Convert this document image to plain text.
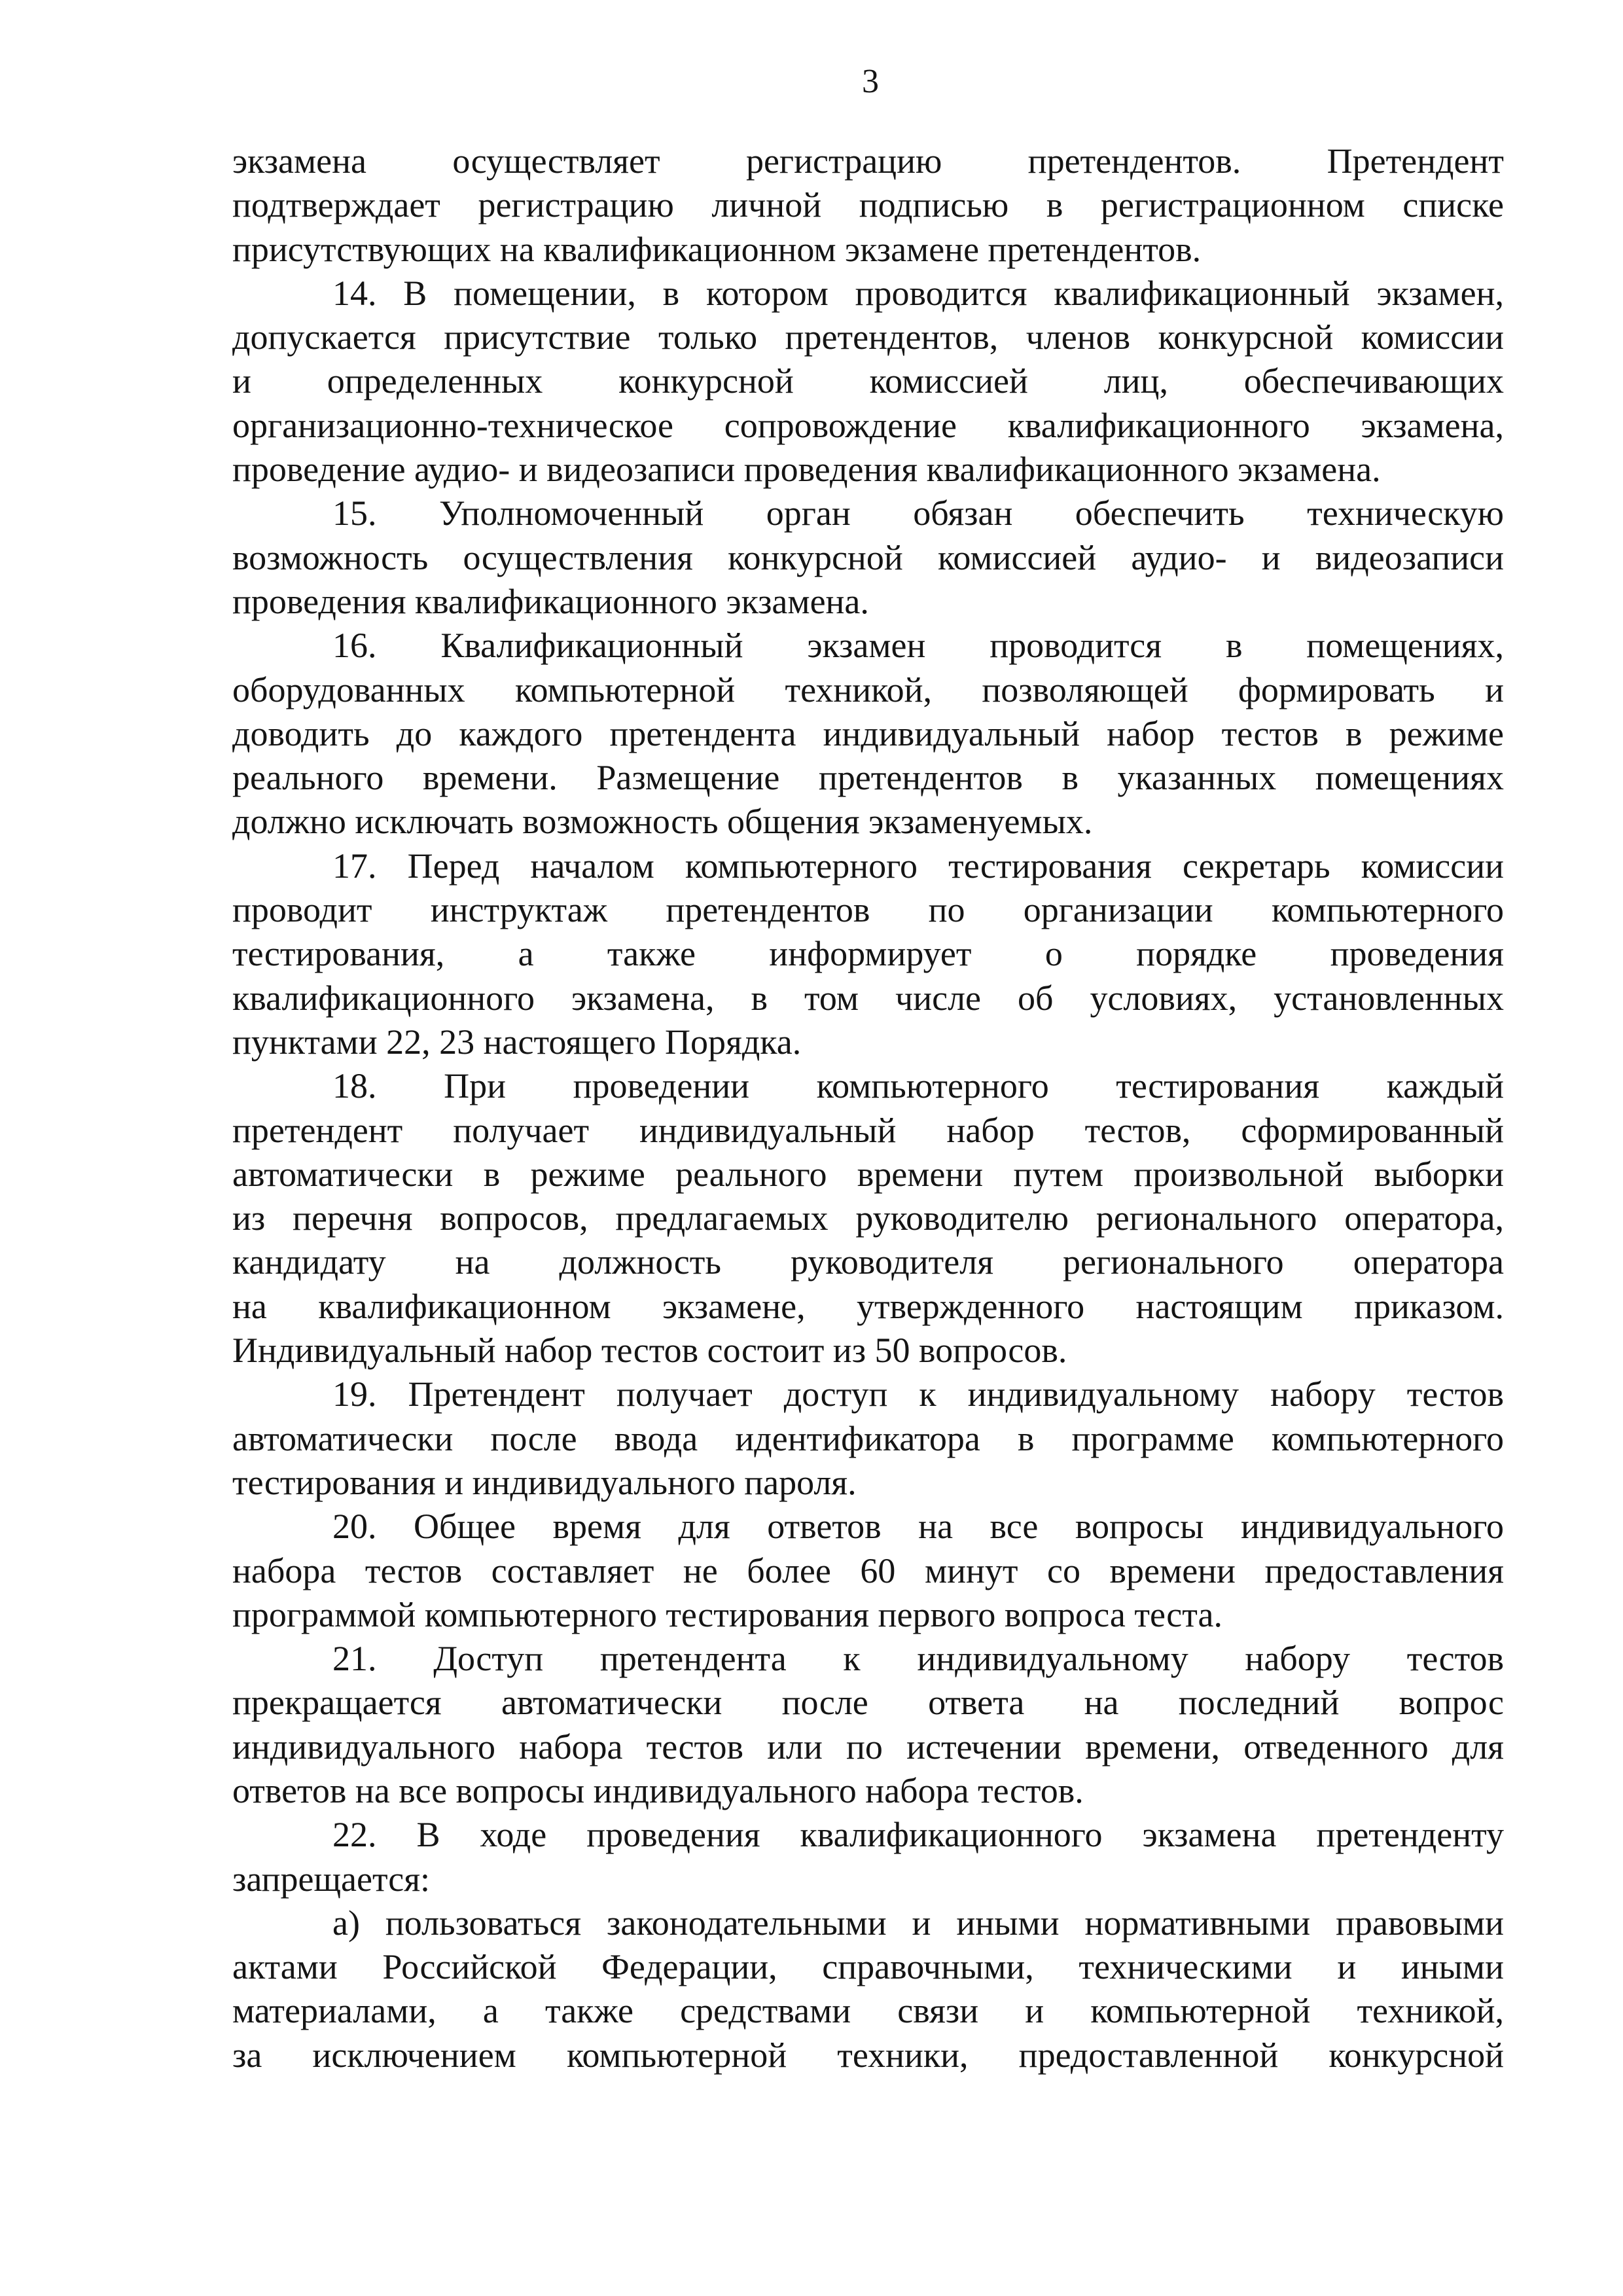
3

экзамена осуществляет регистрацию претендентов. Претендент

подтверждает регистрацию личной подписью в регистрационном списке

присутствующих на квалификационном экзамене претендентов.

14. В помещении, в котором проводится квалификационный экзамен,

допускается присутствие только претендентов, членов конкурсной комиссии

и определенных конкурсной комиссией лиц, обеспечивающих

организационно-техническое сопровождение квалификационного экзамена,

проведение аудио- и видеозаписи проведения квалификационного экзамена.

15. Уполномоченный орган обязан обеспечить техническую

возможность осуществления конкурсной комиссией аудио- и видеозаписи

проведения квалификационного экзамена.

16. Квалификационный экзамен проводится в помещениях,

оборудованных компьютерной техникой, позволяющей формировать и

доводить до каждого претендента индивидуальный набор тестов в режиме

реального времени. Размещение претендентов в указанных помещениях

должно исключать возможность общения экзаменуемых.

17. Перед началом компьютерного тестирования секретарь комиссии

проводит инструктаж претендентов по организации компьютерного

тестирования, а также информирует о порядке проведения

квалификационного экзамена, в том числе об условиях, установленных

пунктами 22, 23 настоящего Порядка.

18. При проведении компьютерного тестирования каждый

претендент получает индивидуальный набор тестов, сформированный

автоматически в режиме реального времени путем произвольной выборки

из перечня вопросов, предлагаемых руководителю регионального оператора,

кандидату на должность руководителя регионального оператора

на квалификационном экзамене, утвержденного настоящим приказом.

Индивидуальный набор тестов состоит из 50 вопросов.

19. Претендент получает доступ к индивидуальному набору тестов

автоматически после ввода идентификатора в программе компьютерного

тестирования и индивидуального пароля.

20. Общее время для ответов на все вопросы индивидуального

набора тестов составляет не более 60 минут со времени предоставления

программой компьютерного тестирования первого вопроса теста.

21. Доступ претендента к индивидуальному набору тестов

прекращается автоматически после ответа на последний вопрос

индивидуального набора тестов или по истечении времени, отведенного для

ответов на все вопросы индивидуального набора тестов.

22. В ходе проведения квалификационного экзамена претенденту

запрещается:

а) пользоваться законодательными и иными нормативными правовыми

актами Российской Федерации, справочными, техническими и иными

материалами, а также средствами связи и компьютерной техникой,

за исключением компьютерной техники, предоставленной конкурсной
